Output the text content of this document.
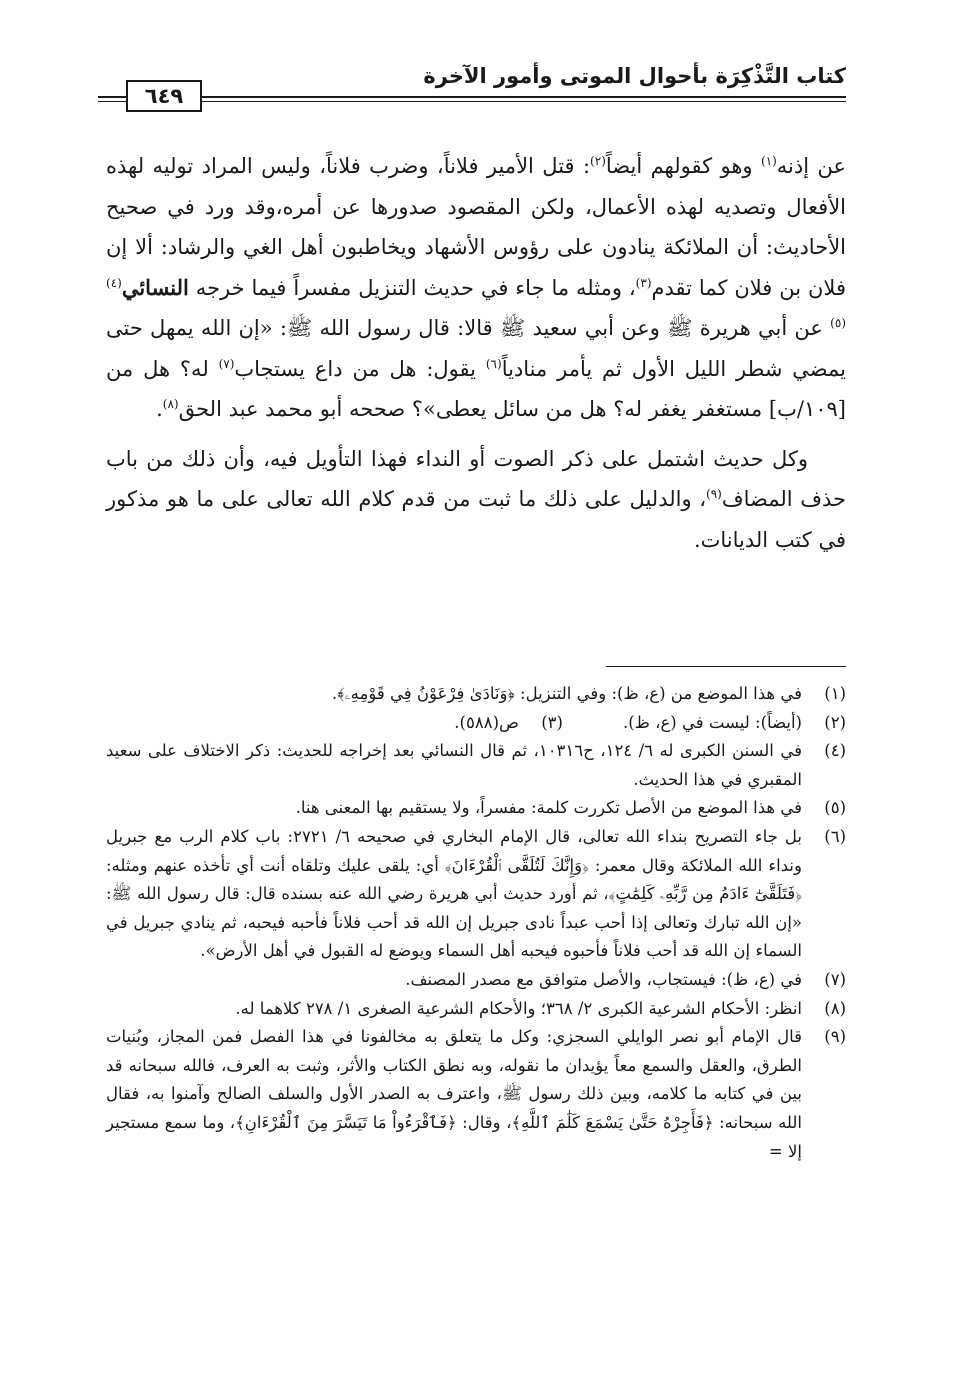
كتاب التَّذْكِرَة بأحوال الموتى وأمور الآخرة
٦٤٩

عن إذنه$^{(١)}$ وهو كقولهم أيضاً$^{(٢)}$: قتل الأمير فلاناً، وضرب فلاناً، وليس المراد توليه لهذه الأفعال وتصديه لهذه الأعمال، ولكن المقصود صدورها عن أمره،وقد ورد في صحيح الأحاديث: أن الملائكة ينادون على رؤوس الأشهاد ويخاطبون أهل الغي والرشاد: ألا إن فلان بن فلان كما تقدم$^{(٣)}$، ومثله ما جاء في حديث التنزيل مفسراً فيما خرجه النسائي$^{(٤)(٥)}$ عن أبي هريرة ﷺ وعن أبي سعيد ﷺ قالا: قال رسول الله ﷺ: «إن الله يمهل حتى يمضي شطر الليل الأول ثم يأمر منادياً$^{(٦)}$ يقول: هل من داع يستجاب$^{(٧)}$ له؟ هل من [١٠٩/ب] مستغفر يغفر له؟ هل من سائل يعطى»؟ صححه أبو محمد عبد الحق$^{(٨)}$.

وكل حديث اشتمل على ذكر الصوت أو النداء فهذا التأويل فيه، وأن ذلك من باب حذف المضاف$^{(٩)}$، والدليل على ذلك ما ثبت من قدم كلام الله تعالى على ما هو مذكور في كتب الديانات.

(١)
في هذا الموضع من (ع، ظ): وفي التنزيل: ﴿وَنَادَىٰ فِرْعَوْنُ فِي قَوْمِهِۦ﴾.
(٢)
(أيضاً): ليست في (ع، ظ).
(٣)
ص(٥٨٨).
(٤)
في السنن الكبرى له ٦/ ١٢٤، ح١٠٣١٦، ثم قال النسائي بعد إخراجه للحديث: ذكر الاختلاف على سعيد المقبري في هذا الحديث.
(٥)
في هذا الموضع من الأصل تكررت كلمة: مفسراً، ولا يستقيم بها المعنى هنا.
(٦)
بل جاء التصريح بنداء الله تعالى، قال الإمام البخاري في صحيحه ٦/ ٢٧٢١: باب كلام الرب مع جبريل ونداء الله الملائكة وقال معمر: ﴿وَإِنَّكَ لَتُلَقَّى ٱلْقُرْءَانَ﴾ أي: يلقى عليك وتلقاه أنت أي تأخذه عنهم ومثله: ﴿فَتَلَقَّىٰٓ ءَادَمُ مِن رَّبِّهِۦ كَلِمَٰتٍ﴾، ثم أورد حديث أبي هريرة رضي الله عنه بسنده قال: قال رسول الله ﷺ: «إن الله تبارك وتعالى إذا أحب عبداً نادى جبريل إن الله قد أحب فلاناً فأحبه فيحبه، ثم ينادي جبريل في السماء إن الله قد أحب فلاناً فأحبوه فيحبه أهل السماء ويوضع له القبول في أهل الأرض».
(٧)
في (ع، ظ): فيستجاب، والأصل متوافق مع مصدر المصنف.
(٨)
انظر: الأحكام الشرعية الكبرى ٢/ ٣٦٨؛ والأحكام الشرعية الصغرى ١/ ٢٧٨ كلاهما له.
(٩)
قال الإمام أبو نصر الوايلي السجزي: وكل ما يتعلق به مخالفونا في هذا الفصل فمن المجاز، وبُنيات الطرق، والعقل والسمع معاً يؤيدان ما نقوله، وبه نطق الكتاب والأثر، وثبت به العرف، فالله سبحانه قد بين في كتابه ما كلامه، وبين ذلك رسول ﷺ، واعترف به الصدر الأول والسلف الصالح وآمنوا به، فقال الله سبحانه: ﴿فَأَجِرْهُ حَتَّىٰ يَسْمَعَ كَلَٰمَ ٱللَّهِ﴾، وقال: ﴿فَٱقْرَءُواْ مَا تَيَسَّرَ مِنَ ٱلْقُرْءَانِ﴾، وما سمع مستجير إلا =
